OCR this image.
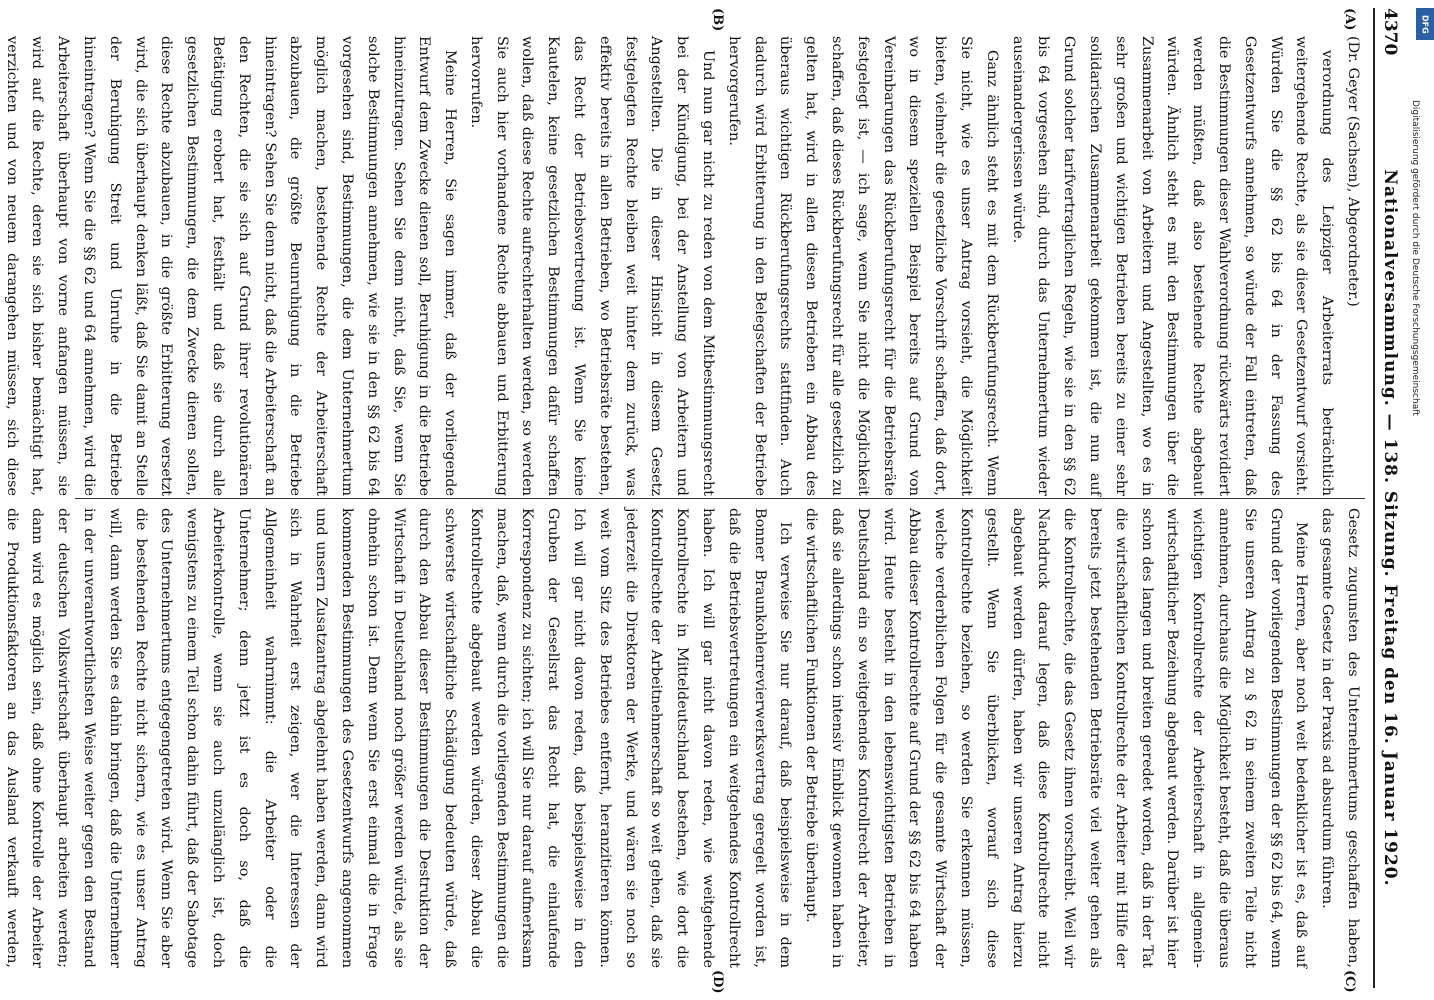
4370
Nationalversammlung. — 138. Sitzung. Freitag den 16. Januar 1920.
(A)
(B)
(C)
(D)

(Dr. Geyer (Sachsen), Abgeordneter.)

verordnung des Leipziger Arbeiterrats beträchtlich weitergehende Rechte, als sie dieser Gesetzentwurf vorsieht. Würden Sie die §§ 62 bis 64 in der Fassung des Gesetzentwurfs annehmen, so würde der Fall eintreten, daß die Bestimmungen dieser Wahlverordnung rückwärts revidiert werden müßten, daß also bestehende Rechte abgebaut würden. Ähnlich steht es mit den Bestimmungen über die Zusammenarbeit von Arbeitern und Angestellten, wo es in sehr großen und wichtigen Betrieben bereits zu einer sehr solidarischen Zusammenarbeit gekommen ist, die nun auf Grund solcher tarifvertraglichen Regeln, wie sie in den §§ 62 bis 64 vorgesehen sind, durch das Unternehmertum wieder auseinandergerissen würde.

Ganz ähnlich steht es mit dem Rückberufungsrecht. Wenn Sie nicht, wie es unser Antrag vorsieht, die Möglichkeit bieten, vielmehr die gesetzliche Vorschrift schaffen, daß dort, wo in diesem speziellen Beispiel bereits auf Grund von Vereinbarungen das Rückberufungsrecht für die Betriebsräte festgelegt ist, — ich sage, wenn Sie nicht die Möglichkeit schaffen, daß dieses Rückberufungsrecht für alle gesetzlich zu gelten hat, wird in allen diesen Betrieben ein Abbau des überaus wichtigen Rückberufungsrechts stattfinden. Auch dadurch wird Erbitterung in den Belegschaften der Betriebe hervorgerufen.

Und nun gar nicht zu reden von dem Mitbestimmungsrecht bei der Kündigung, bei der Anstellung von Arbeitern und Angestellten. Die in dieser Hinsicht in diesem Gesetz festgelegten Rechte bleiben weit hinter dem zurück, was effektiv bereits in allen Betrieben, wo Betriebsräte bestehen, das Recht der Betriebsvertretung ist. Wenn Sie keine Kautelen, keine gesetzlichen Bestimmungen dafür schaffen wollen, daß diese Rechte aufrechterhalten werden, so werden Sie auch hier vorhandene Rechte abbauen und Erbitterung hervorrufen.

Meine Herren, Sie sagen immer, daß der vorliegende Entwurf dem Zwecke dienen soll, Beruhigung in die Betriebe hineinzutragen. Sehen Sie denn nicht, daß Sie, wenn Sie solche Bestimmungen annehmen, wie sie in den §§ 62 bis 64 vorgesehen sind, Bestimmungen, die dem Unternehmertum möglich machen, bestehende Rechte der Arbeiterschaft abzubauen, die größte Beunruhigung in die Betriebe hineintragen? Sehen Sie denn nicht, daß die Arbeiterschaft an den Rechten, die sie sich auf Grund ihrer revolutionären Betätigung erobert hat, festhält und daß sie durch alle gesetzlichen Bestimmungen, die dem Zwecke dienen sollen, diese Rechte abzubauen, in die größte Erbitterung versetzt wird, die sich überhaupt denken läßt, daß Sie damit an Stelle der Beruhigung Streit und Unruhe in die Betriebe hineintragen? Wenn Sie die §§ 62 und 64 annehmen, wird die Arbeiterschaft überhaupt von vorne anfangen müssen, sie wird auf die Rechte, deren sie sich bisher bemächtigt hat, verzichten und von neuem darangehen müssen, sich diese

Gesetz zugunsten des Unternehmertums geschaffen haben, das gesamte Gesetz in der Praxis ad absurdum führen.

Meine Herren, aber noch weit bedenklicher ist es, daß auf Grund der vorliegenden Bestimmungen der §§ 62 bis 64, wenn Sie unseren Antrag zu § 62 in seinem zweiten Teile nicht annehmen, durchaus die Möglichkeit besteht, daß die überaus wichtigen Kontrollrechte der Arbeiterschaft in allgemein-wirtschaftlicher Beziehung abgebaut werden. Darüber ist hier schon des langen und breiten geredet worden, daß in der Tat die wirtschaftlichen Kontrollrechte der Arbeiter mit Hilfe der bereits jetzt bestehenden Betriebsräte viel weiter gehen als die Kontrollrechte, die das Gesetz ihnen vorschreibt. Weil wir Nachdruck darauf legen, daß diese Kontrollrechte nicht abgebaut werden dürfen, haben wir unseren Antrag hierzu gestellt. Wenn Sie überblicken, worauf sich diese Kontrollrechte beziehen, so werden Sie erkennen müssen, welche verderblichen Folgen für die gesamte Wirtschaft der Abbau dieser Kontrollrechte auf Grund der §§ 62 bis 64 haben wird. Heute besteht in den lebenswichtigsten Betrieben in Deutschland ein so weitgehendes Kontrollrecht der Arbeiter, daß sie allerdings schon intensiv Einblick gewonnen haben in die wirtschaftlichen Funktionen der Betriebe überhaupt.

Ich verweise Sie nur darauf, daß beispielsweise in dem Bonner Braunkohlenrevierwerksvertrag geregelt worden ist, daß die Betriebsvertretungen ein weitgehendes Kontrollrecht haben. Ich will gar nicht davon reden, wie weitgehende Kontrollrechte in Mitteldeutschland bestehen, wie dort die Kontrollrechte der Arbeitnehmerschaft so weit gehen, daß sie jederzeit die Direktoren der Werke, und wären sie noch so weit vom Sitz des Betriebes entfernt, heranzitieren können. Ich will gar nicht davon reden, daß beispielsweise in den Gruben der Gesellsrat das Recht hat, die einlaufende Korrespondenz zu sichten; ich will Sie nur darauf aufmerksam machen, daß, wenn durch die vorliegenden Bestimmungen die Kontrollrechte abgebaut werden würden, dieser Abbau die schwerste wirtschaftliche Schädigung bedeuten würde, daß durch den Abbau dieser Bestimmungen die Destruktion der Wirtschaft in Deutschland noch größer werden würde, als sie ohnehin schon ist. Denn wenn Sie erst einmal die in Frage kommenden Bestimmungen des Gesetzentwurfs angenommen und unsern Zusatzantrag abgelehnt haben werden, dann wird sich in Wahrheit erst zeigen, wer die Interessen der Allgemeinheit wahrnimmt: die Arbeiter oder die Unternehmer; denn jetzt ist es doch so, daß die Arbeiterkontrolle, wenn sie auch unzulänglich ist, doch wenigstens zu einem Teil schon dahin führt, daß der Sabotage des Unternehmertums entgegengetreten wird. Wenn Sie aber die bestehenden Rechte nicht sichern, wie es unser Antrag will, dann werden Sie es dahin bringen, daß die Unternehmer in der unverantwortlichsten Weise weiter gegen den Bestand der deutschen Volkswirtschaft überhaupt arbeiten werden; dann wird es möglich sein, daß ohne Kontrolle der Arbeiter die Produktionsfaktoren an das Ausland verkauft werden,

DFG
Digitalisierung gefördert durch die Deutsche Forschungsgemeinschaft
